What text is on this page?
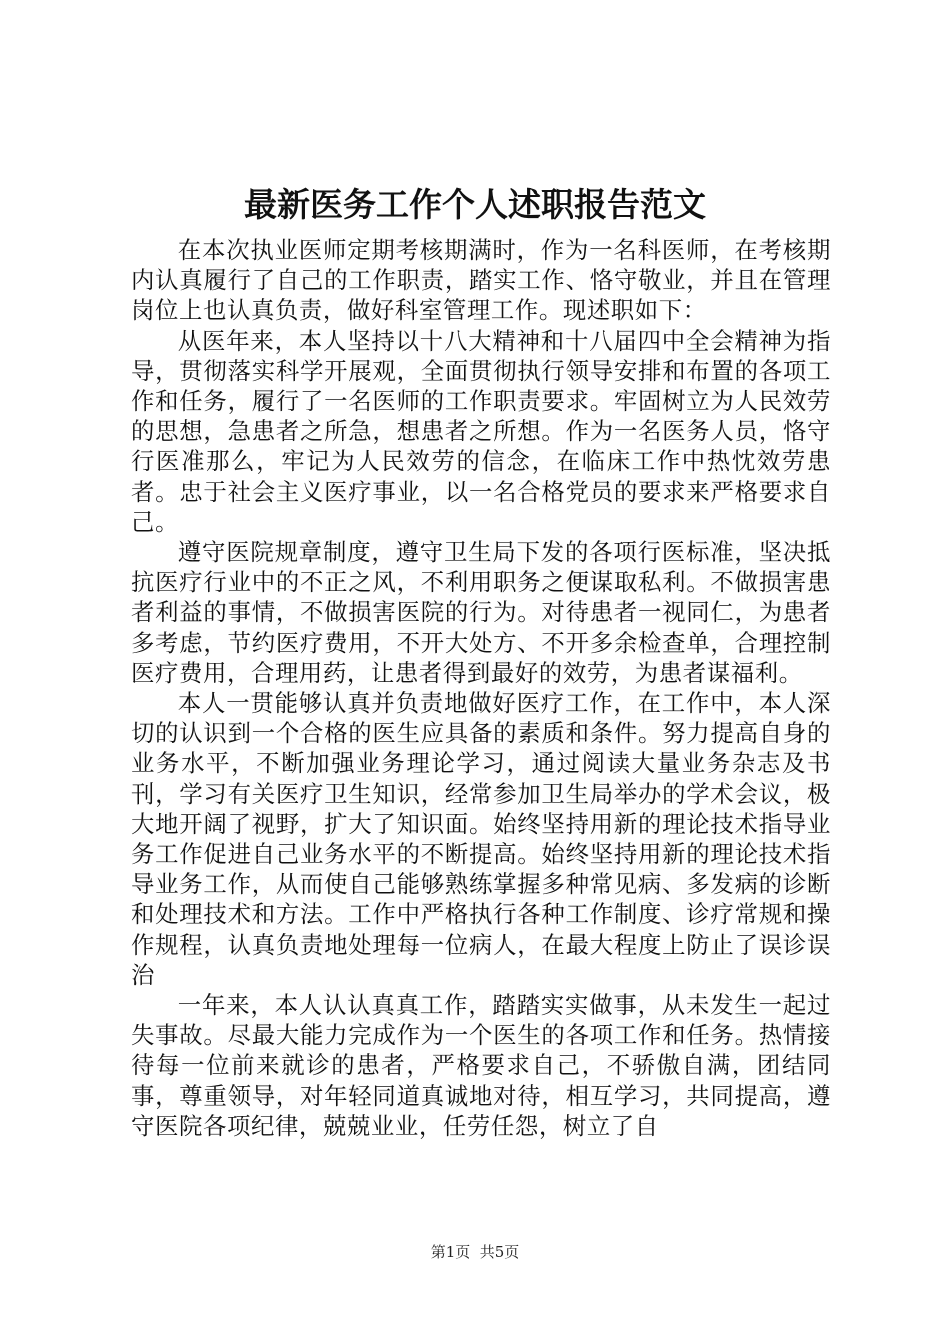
最新医务工作个人述职报告范文

在本次执业医师定期考核期满时，作为一名科医师，在考核期内认真履行了自己的工作职责，踏实工作、恪守敬业，并且在管理岗位上也认真负责，做好科室管理工作。现述职如下：

从医年来，本人坚持以十八大精神和十八届四中全会精神为指导，贯彻落实科学开展观，全面贯彻执行领导安排和布置的各项工作和任务，履行了一名医师的工作职责要求。牢固树立为人民效劳的思想，急患者之所急，想患者之所想。作为一名医务人员，恪守行医准那么，牢记为人民效劳的信念，在临床工作中热忱效劳患者。忠于社会主义医疗事业，以一名合格党员的要求来严格要求自己。

遵守医院规章制度，遵守卫生局下发的各项行医标准，坚决抵抗医疗行业中的不正之风，不利用职务之便谋取私利。不做损害患者利益的事情，不做损害医院的行为。对待患者一视同仁，为患者多考虑，节约医疗费用，不开大处方、不开多余检查单，合理控制医疗费用，合理用药，让患者得到最好的效劳，为患者谋福利。

本人一贯能够认真并负责地做好医疗工作，在工作中，本人深切的认识到一个合格的医生应具备的素质和条件。努力提高自身的业务水平，不断加强业务理论学习，通过阅读大量业务杂志及书刊，学习有关医疗卫生知识，经常参加卫生局举办的学术会议，极大地开阔了视野，扩大了知识面。始终坚持用新的理论技术指导业务工作促进自己业务水平的不断提高。始终坚持用新的理论技术指导业务工作，从而使自己能够熟练掌握多种常见病、多发病的诊断和处理技术和方法。工作中严格执行各种工作制度、诊疗常规和操作规程，认真负责地处理每一位病人，在最大程度上防止了误诊误治

一年来，本人认认真真工作，踏踏实实做事，从未发生一起过失事故。尽最大能力完成作为一个医生的各项工作和任务。热情接待每一位前来就诊的患者，严格要求自己，不骄傲自满，团结同事，尊重领导，对年轻同道真诚地对待，相互学习，共同提高，遵守医院各项纪律，兢兢业业，任劳任怨，树立了自

第1页  共5页
